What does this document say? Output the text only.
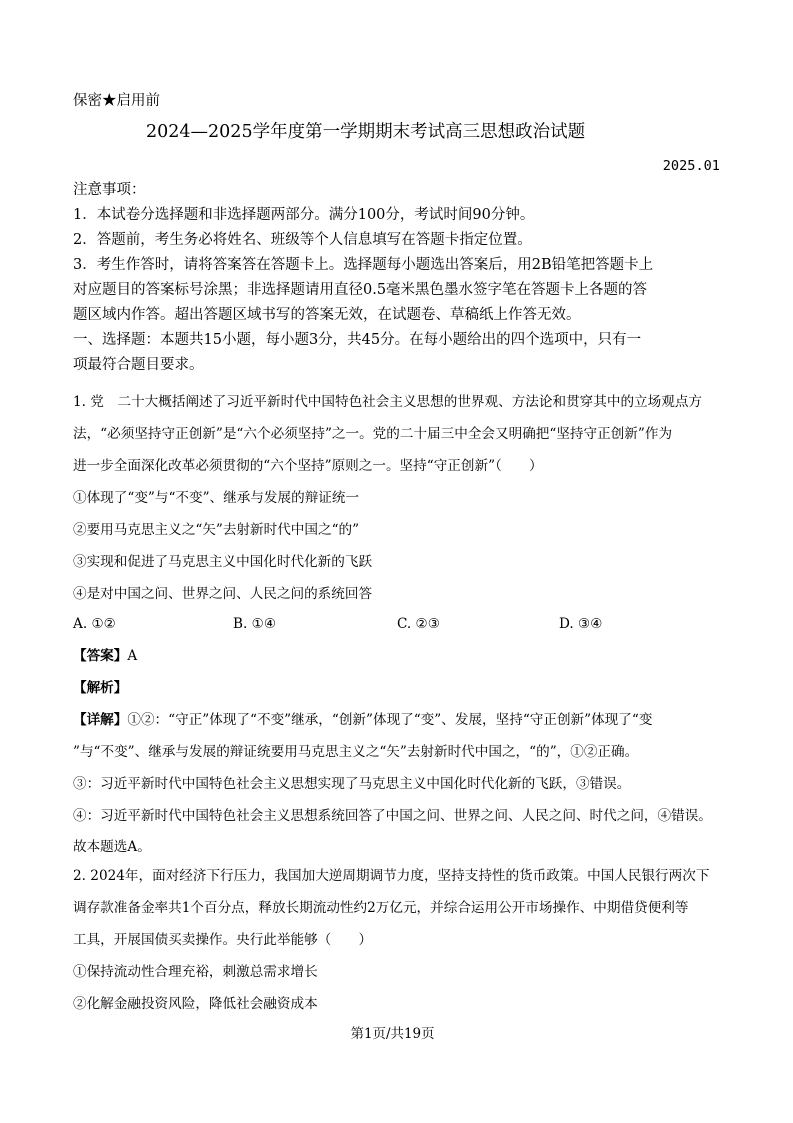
保密★启用前
2024—2025学年度第一学期期末考试高三思想政治试题
2025.01
注意事项：
1．本试卷分选择题和非选择题两部分。满分100分，考试时间90分钟。
2．答题前，考生务必将姓名、班级等个人信息填写在答题卡指定位置。
3．考生作答时，请将答案答在答题卡上。选择题每小题选出答案后，用2B铅笔把答题卡上
对应题目的答案标号涂黑；非选择题请用直径0.5毫米黑色墨水签字笔在答题卡上各题的答
题区域内作答。超出答题区域书写的答案无效，在试题卷、草稿纸上作答无效。
一、选择题：本题共15小题，每小题3分，共45分。在每小题给出的四个选项中，只有一
项最符合题目要求。
1. 党　二十大概括阐述了习近平新时代中国特色社会主义思想的世界观、方法论和贯穿其中的立场观点方
法，“必须坚持守正创新”是“六个必须坚持”之一。党的二十届三中全会又明确把“坚持守正创新”作为
进一步全面深化改革必须贯彻的“六个坚持”原则之一。坚持“守正创新”（　　）
①体现了“变”与“不变”、继承与发展的辩证统一
②要用马克思主义之“矢”去射新时代中国之“的”
③实现和促进了马克思主义中国化时代化新的飞跃
④是对中国之问、世界之问、人民之问的系统回答
A. ①②	B. ①④	C. ②③	D. ③④
【答案】A
【解析】
【详解】①②：“守正”体现了“不变”继承，“创新”体现了“变”、发展，坚持“守正创新”体现了“变
”与“不变”、继承与发展的辩证统要用马克思主义之“矢”去射新时代中国之，“的”，①②正确。
③：习近平新时代中国特色社会主义思想实现了马克思主义中国化时代化新的飞跃，③错误。
④：习近平新时代中国特色社会主义思想系统回答了中国之问、世界之问、人民之问、时代之问，④错误。
故本题选A。
2. 2024年，面对经济下行压力，我国加大逆周期调节力度，坚持支持性的货币政策。中国人民银行两次下
调存款准备金率共1个百分点，释放长期流动性约2万亿元，并综合运用公开市场操作、中期借贷便利等
工具，开展国债买卖操作。央行此举能够（　　）
①保持流动性合理充裕，刺激总需求增长
②化解金融投资风险，降低社会融资成本
第1页/共19页
